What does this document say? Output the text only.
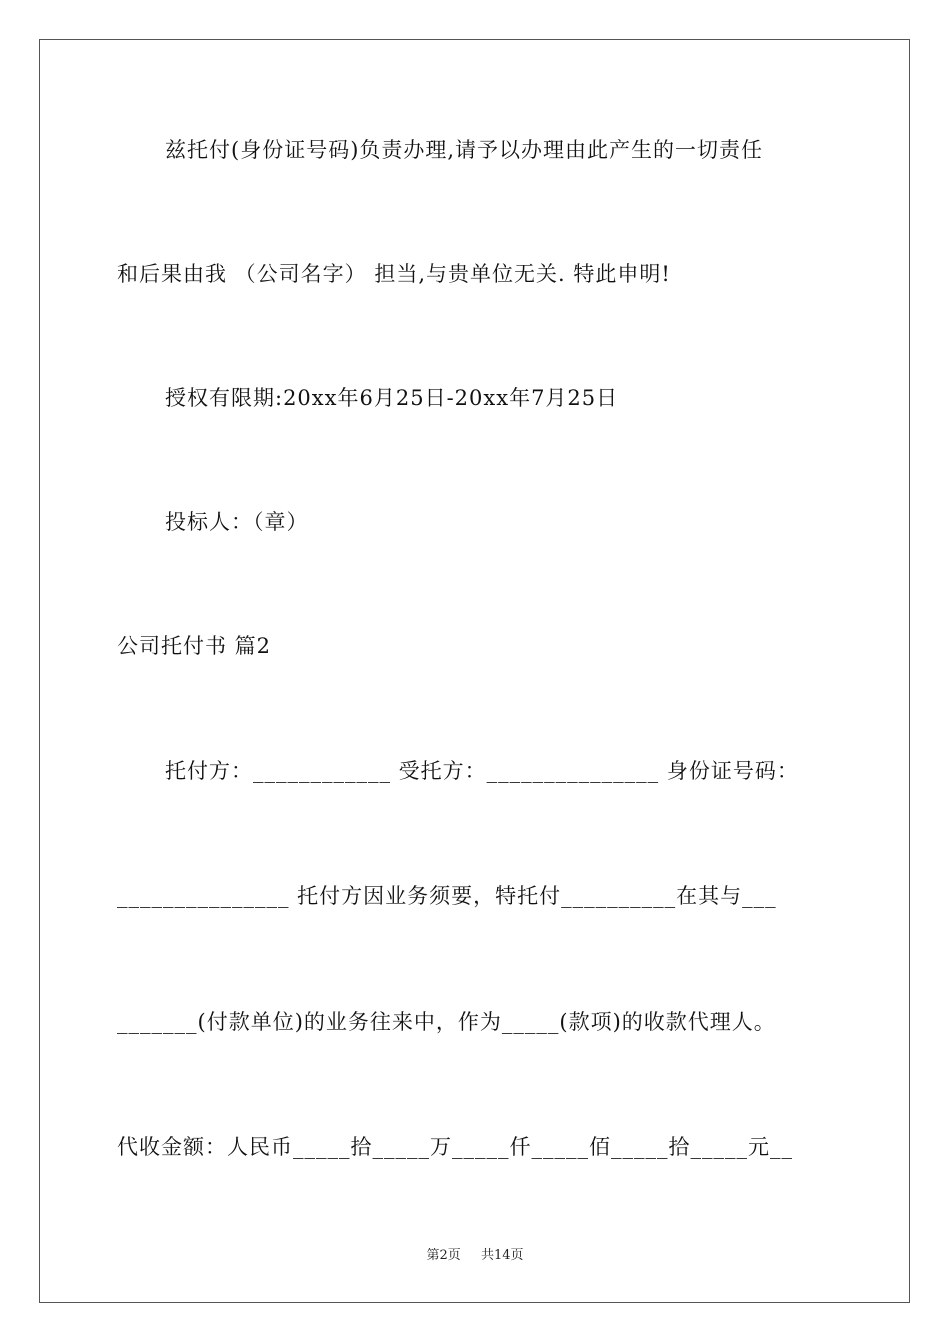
兹托付(身份证号码)负责办理,请予以办理由此产生的一切责任
和后果由我 （公司名字） 担当,与贵单位无关. 特此申明!
授权有限期:20xx年6月25日-20xx年7月25日
投标人：（章）
公司托付书 篇2
托付方：____________ 受托方：_______________ 身份证号码：
_______________ 托付方因业务须要，特托付__________在其与___
_______(付款单位)的业务往来中，作为_____(款项)的收款代理人。
代收金额：人民币_____拾_____万_____仟_____佰_____拾_____元__
第2页 共14页
